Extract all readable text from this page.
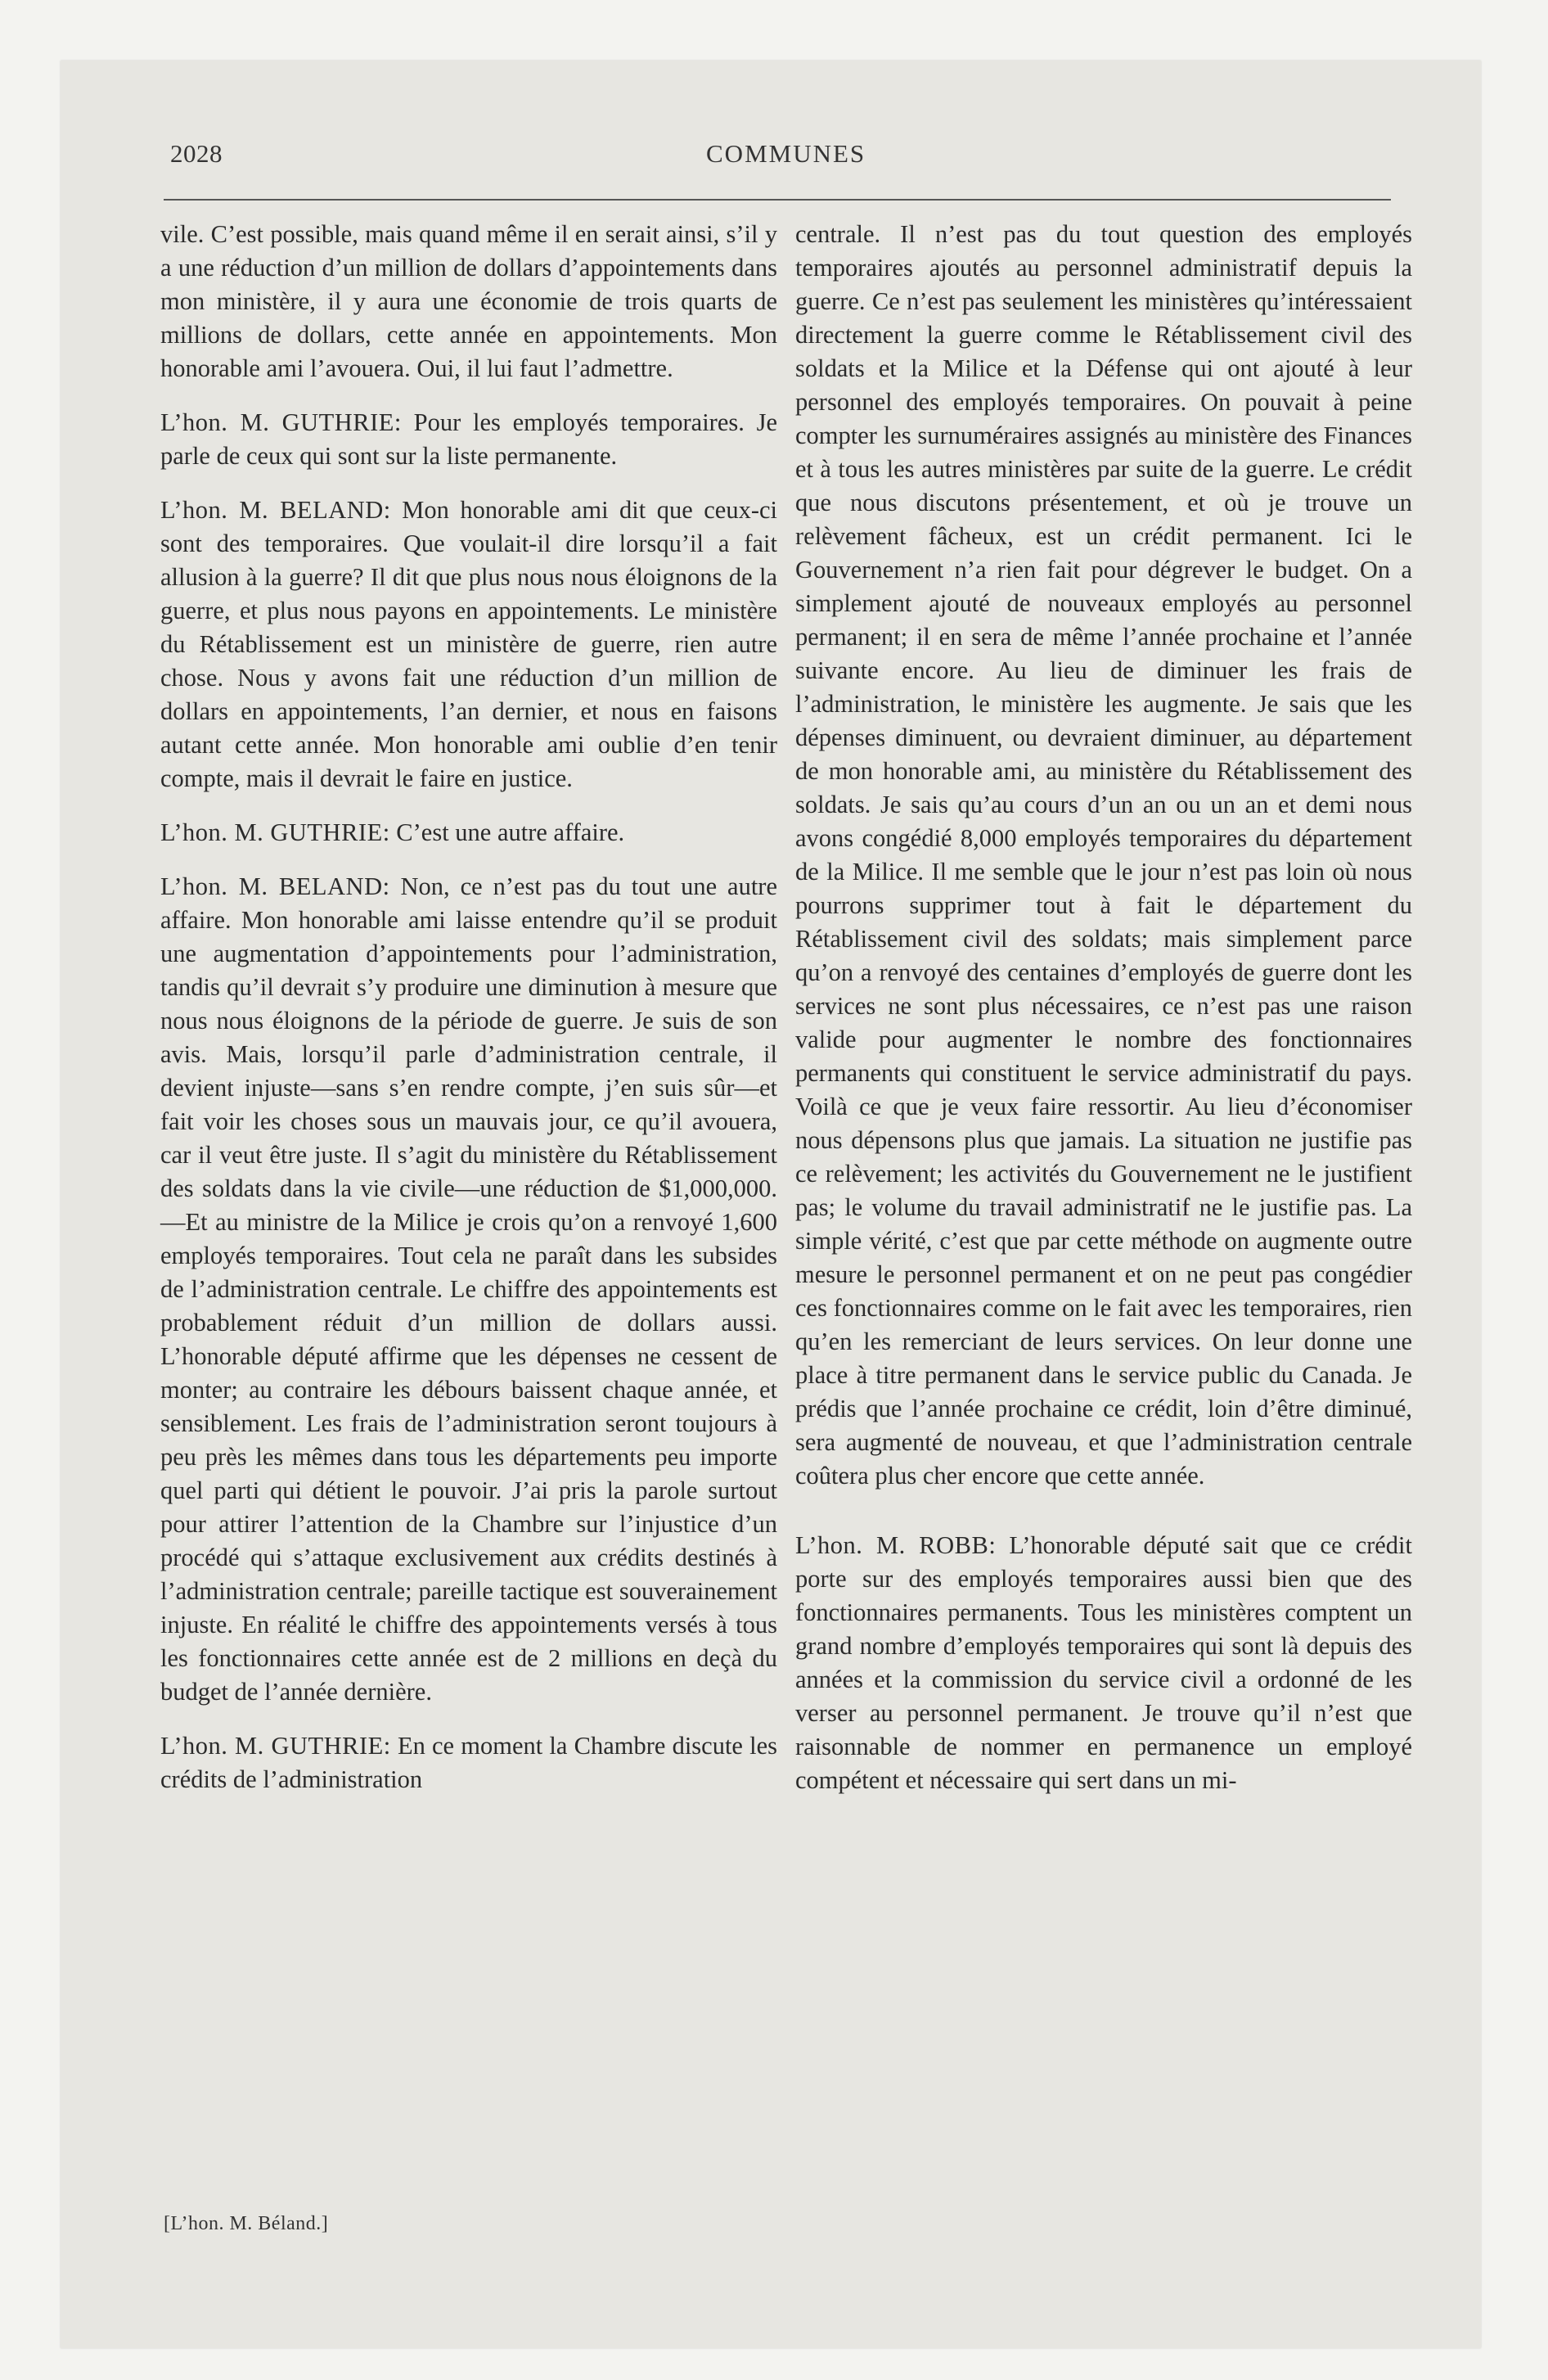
2028	COMMUNES

vile. C’est possible, mais quand même il en serait ainsi, s’il y a une réduction d’un million de dollars d’appointements dans mon ministère, il y aura une économie de trois quarts de millions de dollars, cette année en appointements. Mon honorable ami l’avouera. Oui, il lui faut l’admettre.

L’hon. M. GUTHRIE: Pour les employés temporaires. Je parle de ceux qui sont sur la liste permanente.

L’hon. M. BELAND: Mon honorable ami dit que ceux-ci sont des temporaires. Que voulait-il dire lorsqu’il a fait allusion à la guerre? Il dit que plus nous nous éloignons de la guerre, et plus nous payons en appointements. Le ministère du Rétablissement est un ministère de guerre, rien autre chose. Nous y avons fait une réduction d’un million de dollars en appointements, l’an dernier, et nous en faisons autant cette année. Mon honorable ami oublie d’en tenir compte, mais il devrait le faire en justice.

L’hon. M. GUTHRIE: C’est une autre affaire.

L’hon. M. BELAND: Non, ce n’est pas du tout une autre affaire. Mon honorable ami laisse entendre qu’il se produit une augmentation d’appointements pour l’administration, tandis qu’il devrait s’y produire une diminution à mesure que nous nous éloignons de la période de guerre. Je suis de son avis. Mais, lorsqu’il parle d’administration centrale, il devient injuste—sans s’en rendre compte, j’en suis sûr—et fait voir les choses sous un mauvais jour, ce qu’il avouera, car il veut être juste. Il s’agit du ministère du Rétablissement des soldats dans la vie civile—une réduction de $1,000,000.—Et au ministre de la Milice je crois qu’on a renvoyé 1,600 employés temporaires. Tout cela ne paraît dans les subsides de l’administration centrale. Le chiffre des appointements est probablement réduit d’un million de dollars aussi. L’honorable député affirme que les dépenses ne cessent de monter; au contraire les débours baissent chaque année, et sensiblement. Les frais de l’administration seront toujours à peu près les mêmes dans tous les départements peu importe quel parti qui détient le pouvoir. J’ai pris la parole surtout pour attirer l’attention de la Chambre sur l’injustice d’un procédé qui s’attaque exclusivement aux crédits destinés à l’administration centrale; pareille tactique est souverainement injuste. En réalité le chiffre des appointements versés à tous les fonctionnaires cette année est de 2 millions en deçà du budget de l’année dernière.

L’hon. M. GUTHRIE: En ce moment la Chambre discute les crédits de l’administration

centrale. Il n’est pas du tout question des employés temporaires ajoutés au personnel administratif depuis la guerre. Ce n’est pas seulement les ministères qu’intéressaient directement la guerre comme le Rétablissement civil des soldats et la Milice et la Défense qui ont ajouté à leur personnel des employés temporaires. On pouvait à peine compter les surnuméraires assignés au ministère des Finances et à tous les autres ministères par suite de la guerre. Le crédit que nous discutons présentement, et où je trouve un relèvement fâcheux, est un crédit permanent. Ici le Gouvernement n’a rien fait pour dégrever le budget. On a simplement ajouté de nouveaux employés au personnel permanent; il en sera de même l’année prochaine et l’année suivante encore. Au lieu de diminuer les frais de l’administration, le ministère les augmente. Je sais que les dépenses diminuent, ou devraient diminuer, au département de mon honorable ami, au ministère du Rétablissement des soldats. Je sais qu’au cours d’un an ou un an et demi nous avons congédié 8,000 employés temporaires du département de la Milice. Il me semble que le jour n’est pas loin où nous pourrons supprimer tout à fait le département du Rétablissement civil des soldats; mais simplement parce qu’on a renvoyé des centaines d’employés de guerre dont les services ne sont plus nécessaires, ce n’est pas une raison valide pour augmenter le nombre des fonctionnaires permanents qui constituent le service administratif du pays. Voilà ce que je veux faire ressortir. Au lieu d’économiser nous dépensons plus que jamais. La situation ne justifie pas ce relèvement; les activités du Gouvernement ne le justifient pas; le volume du travail administratif ne le justifie pas. La simple vérité, c’est que par cette méthode on augmente outre mesure le personnel permanent et on ne peut pas congédier ces fonctionnaires comme on le fait avec les temporaires, rien qu’en les remerciant de leurs services. On leur donne une place à titre permanent dans le service public du Canada. Je prédis que l’année prochaine ce crédit, loin d’être diminué, sera augmenté de nouveau, et que l’administration centrale coûtera plus cher encore que cette année.

L’hon. M. ROBB: L’honorable député sait que ce crédit porte sur des employés temporaires aussi bien que des fonctionnaires permanents. Tous les ministères comptent un grand nombre d’employés temporaires qui sont là depuis des années et la commission du service civil a ordonné de les verser au personnel permanent. Je trouve qu’il n’est que raisonnable de nommer en permanence un employé compétent et nécessaire qui sert dans un mi-

[L’hon. M. Béland.]
